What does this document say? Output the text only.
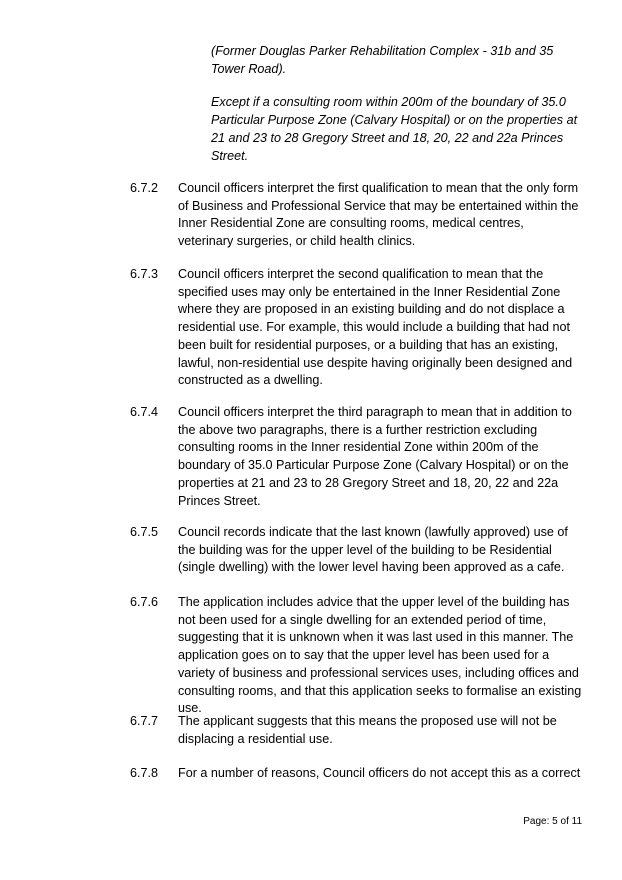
(Former Douglas Parker Rehabilitation Complex - 31b and 35 Tower Road).
Except if a consulting room within 200m of the boundary of 35.0 Particular Purpose Zone (Calvary Hospital) or on the properties at 21 and 23 to 28 Gregory Street and 18, 20, 22 and 22a Princes Street.
6.7.2	Council officers interpret the first qualification to mean that the only form of Business and Professional Service that may be entertained within the Inner Residential Zone are consulting rooms, medical centres, veterinary surgeries, or child health clinics.
6.7.3	Council officers interpret the second qualification to mean that the specified uses may only be entertained in the Inner Residential Zone where they are proposed in an existing building and do not displace a residential use. For example, this would include a building that had not been built for residential purposes, or a building that has an existing, lawful, non-residential use despite having originally been designed and constructed as a dwelling.
6.7.4	Council officers interpret the third paragraph to mean that in addition to the above two paragraphs, there is a further restriction excluding consulting rooms in the Inner residential Zone within 200m of the boundary of 35.0 Particular Purpose Zone (Calvary Hospital) or on the properties at 21 and 23 to 28 Gregory Street and 18, 20, 22 and 22a Princes Street.
6.7.5	Council records indicate that the last known (lawfully approved) use of the building was for the upper level of the building to be Residential (single dwelling) with the lower level having been approved as a cafe.
6.7.6	The application includes advice that the upper level of the building has not been used for a single dwelling for an extended period of time, suggesting that it is unknown when it was last used in this manner. The application goes on to say that the upper level has been used for a variety of business and professional services uses, including offices and consulting rooms, and that this application seeks to formalise an existing use.
6.7.7	The applicant suggests that this means the proposed use will not be displacing a residential use.
6.7.8	For a number of reasons, Council officers do not accept this as a correct
Page: 5 of 11
